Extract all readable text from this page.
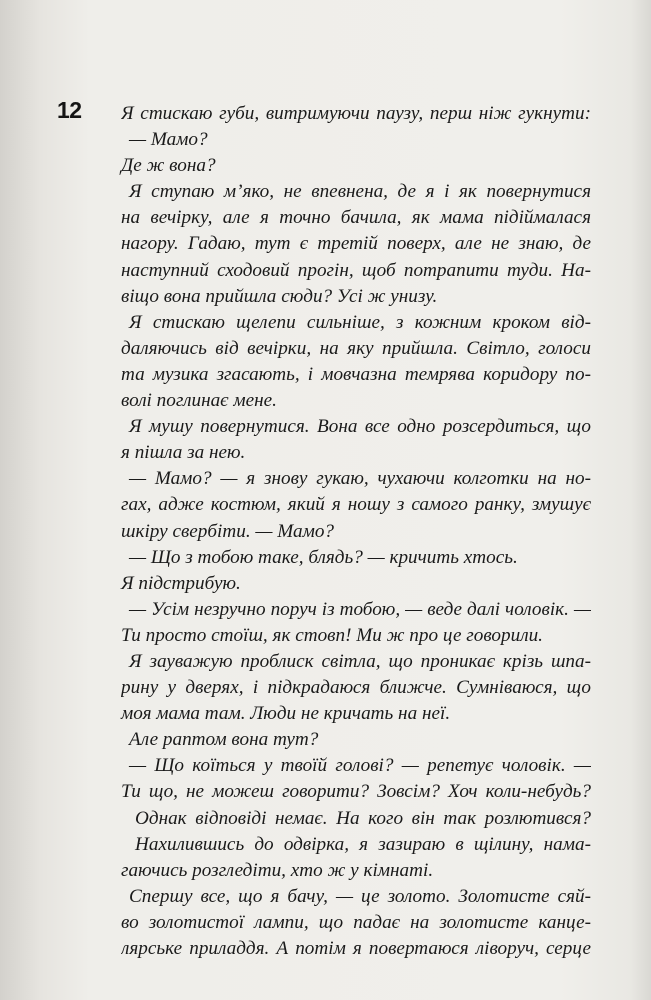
12 Я стискаю губи, витримуючи паузу, перш ніж гукнути:
— Мамо?
Де ж вона?
Я ступаю м’яко, не впевнена, де я і як повернутися
на вечірку, але я точно бачила, як мама підіймалася
нагору. Гадаю, тут є третій поверх, але не знаю, де
наступний сходовий прогін, щоб потрапити туди. На-
віщо вона прийшла сюди? Усі ж унизу.
Я стискаю щелепи сильніше, з кожним кроком від-
даляючись від вечірки, на яку прийшла. Світло, голоси
та музика згасають, і мовчазна темрява коридору по-
волі поглинає мене.
Я мушу повернутися. Вона все одно розсердиться, що
я пішла за нею.
— Мамо? — я знову гукаю, чухаючи колготки на но-
гах, адже костюм, який я ношу з самого ранку, змушує
шкіру свербіти. — Мамо?
— Що з тобою таке, блядь? — кричить хтось.
Я підстрибую.
— Усім незручно поруч із тобою, — веде далі чоловік. —
Ти просто стоїш, як стовп! Ми ж про це говорили.
Я зауважую проблиск світла, що проникає крізь шпа-
рину у дверях, і підкрадаюся ближче. Сумніваюся, що
моя мама там. Люди не кричать на неї.
Але раптом вона тут?
— Що коїться у твоїй голові? — репетує чоловік. —
Ти що, не можеш говорити? Зовсім? Хоч коли-небудь?
Однак відповіді немає. На кого він так розлютився?
Нахилившись до одвірка, я зазираю в щілину, нама-
гаючись розгледіти, хто ж у кімнаті.
Спершу все, що я бачу, — це золото. Золотисте сяй-
во золотистої лампи, що падає на золотисте канце-
лярське приладдя. А потім я повертаюся ліворуч, серце
